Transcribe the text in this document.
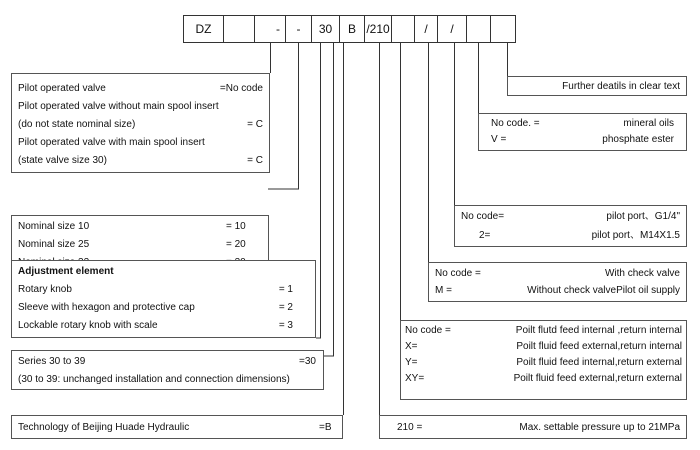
DZ	-	-	30	B /210	/	/
Further deatils in clear text
No code. =	mineral oils
V =	phosphate ester
No code=	pilot port、G1/4"
2=	pilot port、M14X1.5
No code =	With check valve
M =	Without check valvePilot oil supply
No code =	Poilt flutd feed internal ,return internal
X=	Poilt fluid feed external,return internal
Y=	Poilt fluid feed internal,return external
XY=	Poilt fluid feed external,return external
210 =	Max. settable pressure up to 21MPa
Pilot operated valve	=No code
Pilot operated valve without main spool insert
(do not state nominal size)	= C
Pilot operated valve with main spool insert
(state valve size 30)	= C
Nominal size 10	= 10
Nominal size 25	= 20
Adjustment element
Rotary knob	= 1
Sleeve with hexagon and protective cap	= 2
Lockable rotary knob with scale	= 3
Series 30 to 39	=30
(30 to 39: unchanged installation and connection dimensions)
Technology of Beijing Huade Hydraulic	=B
